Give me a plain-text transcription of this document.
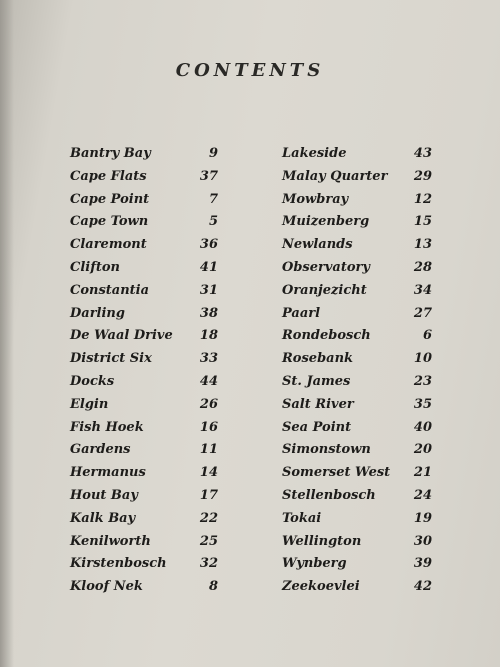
CONTENTS
Bantry Bay	9
Cape Flats	37
Cape Point	7
Cape Town	5
Claremont	36
Clifton	41
Constantia	31
Darling	38
De Waal Drive 18
District Six	33
Docks	44
Elgin	26
Fish Hoek	16
Gardens	11
Hermanus	14
Hout Bay	17
Kalk Bay	22
Kenilworth	25
Kirstenbosch	32
Kloof Nek	8
Lakeside	43
Malay Quarter 29
Mowbray	12
Muizenberg	15
Newlands	13
Observatory	28
Oranjezicht	34
Paarl	27
Rondebosch	6
Rosebank	10
St. James	23
Salt River	35
Sea Point	40
Simonstown	20
Somerset West 21
Stellenbosch	24
Tokai	19
Wellington	30
Wynberg	39
Zeekoevlei	42
